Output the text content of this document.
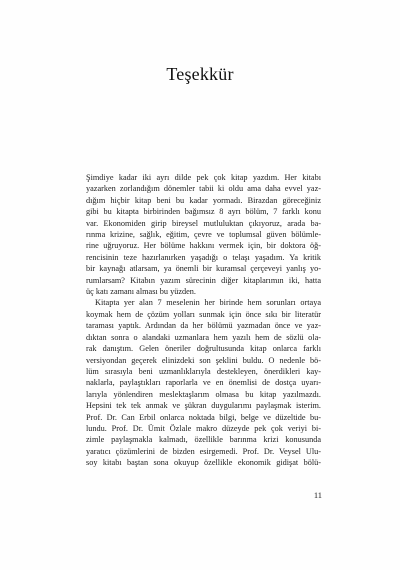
Teşekkür
Şimdiye kadar iki ayrı dilde pek çok kitap yazdım. Her kitabı
yazarken zorlandığım dönemler tabii ki oldu ama daha evvel yaz-
dığım hiçbir kitap beni bu kadar yormadı. Birazdan göreceğiniz
gibi bu kitapta birbirinden bağımsız 8 ayrı bölüm, 7 farklı konu
var. Ekonomiden girip bireysel mutluluktan çıkıyoruz, arada ba-
rınma krizine, sağlık, eğitim, çevre ve toplumsal güven bölümle-
rine uğruyoruz. Her bölüme hakkını vermek için, bir doktora öğ-
rencisinin teze hazırlanırken yaşadığı o telaşı yaşadım. Ya kritik
bir kaynağı atlarsam, ya önemli bir kuramsal çerçeveyi yanlış yo-
rumlarsam? Kitabın yazım sürecinin diğer kitaplarımın iki, hatta
üç katı zamanı alması bu yüzden.
Kitapta yer alan 7 meselenin her birinde hem sorunları ortaya
koymak hem de çözüm yolları sunmak için önce sıkı bir literatür
taraması yaptık. Ardından da her bölümü yazmadan önce ve yaz-
dıktan sonra o alandaki uzmanlara hem yazılı hem de sözlü ola-
rak danıştım. Gelen öneriler doğrultusunda kitap onlarca farklı
versiyondan geçerek elinizdeki son şeklini buldu. O nedenle bö-
lüm sırasıyla beni uzmanlıklarıyla destekleyen, önerdikleri kay-
naklarla, paylaştıkları raporlarla ve en önemlisi de dostça uyarı-
larıyla yönlendiren meslektaşlarım olmasa bu kitap yazılmazdı.
Hepsini tek tek anmak ve şükran duygularımı paylaşmak isterim.
Prof. Dr. Can Erbil onlarca noktada bilgi, belge ve düzeltide bu-
lundu. Prof. Dr. Ümit Özlale makro düzeyde pek çok veriyi bi-
zimle paylaşmakla kalmadı, özellikle barınma krizi konusunda
yaratıcı çözümlerini de bizden esirgemedi. Prof. Dr. Veysel Ulu-
soy kitabı baştan sona okuyup özellikle ekonomik gidişat bölü-
11
